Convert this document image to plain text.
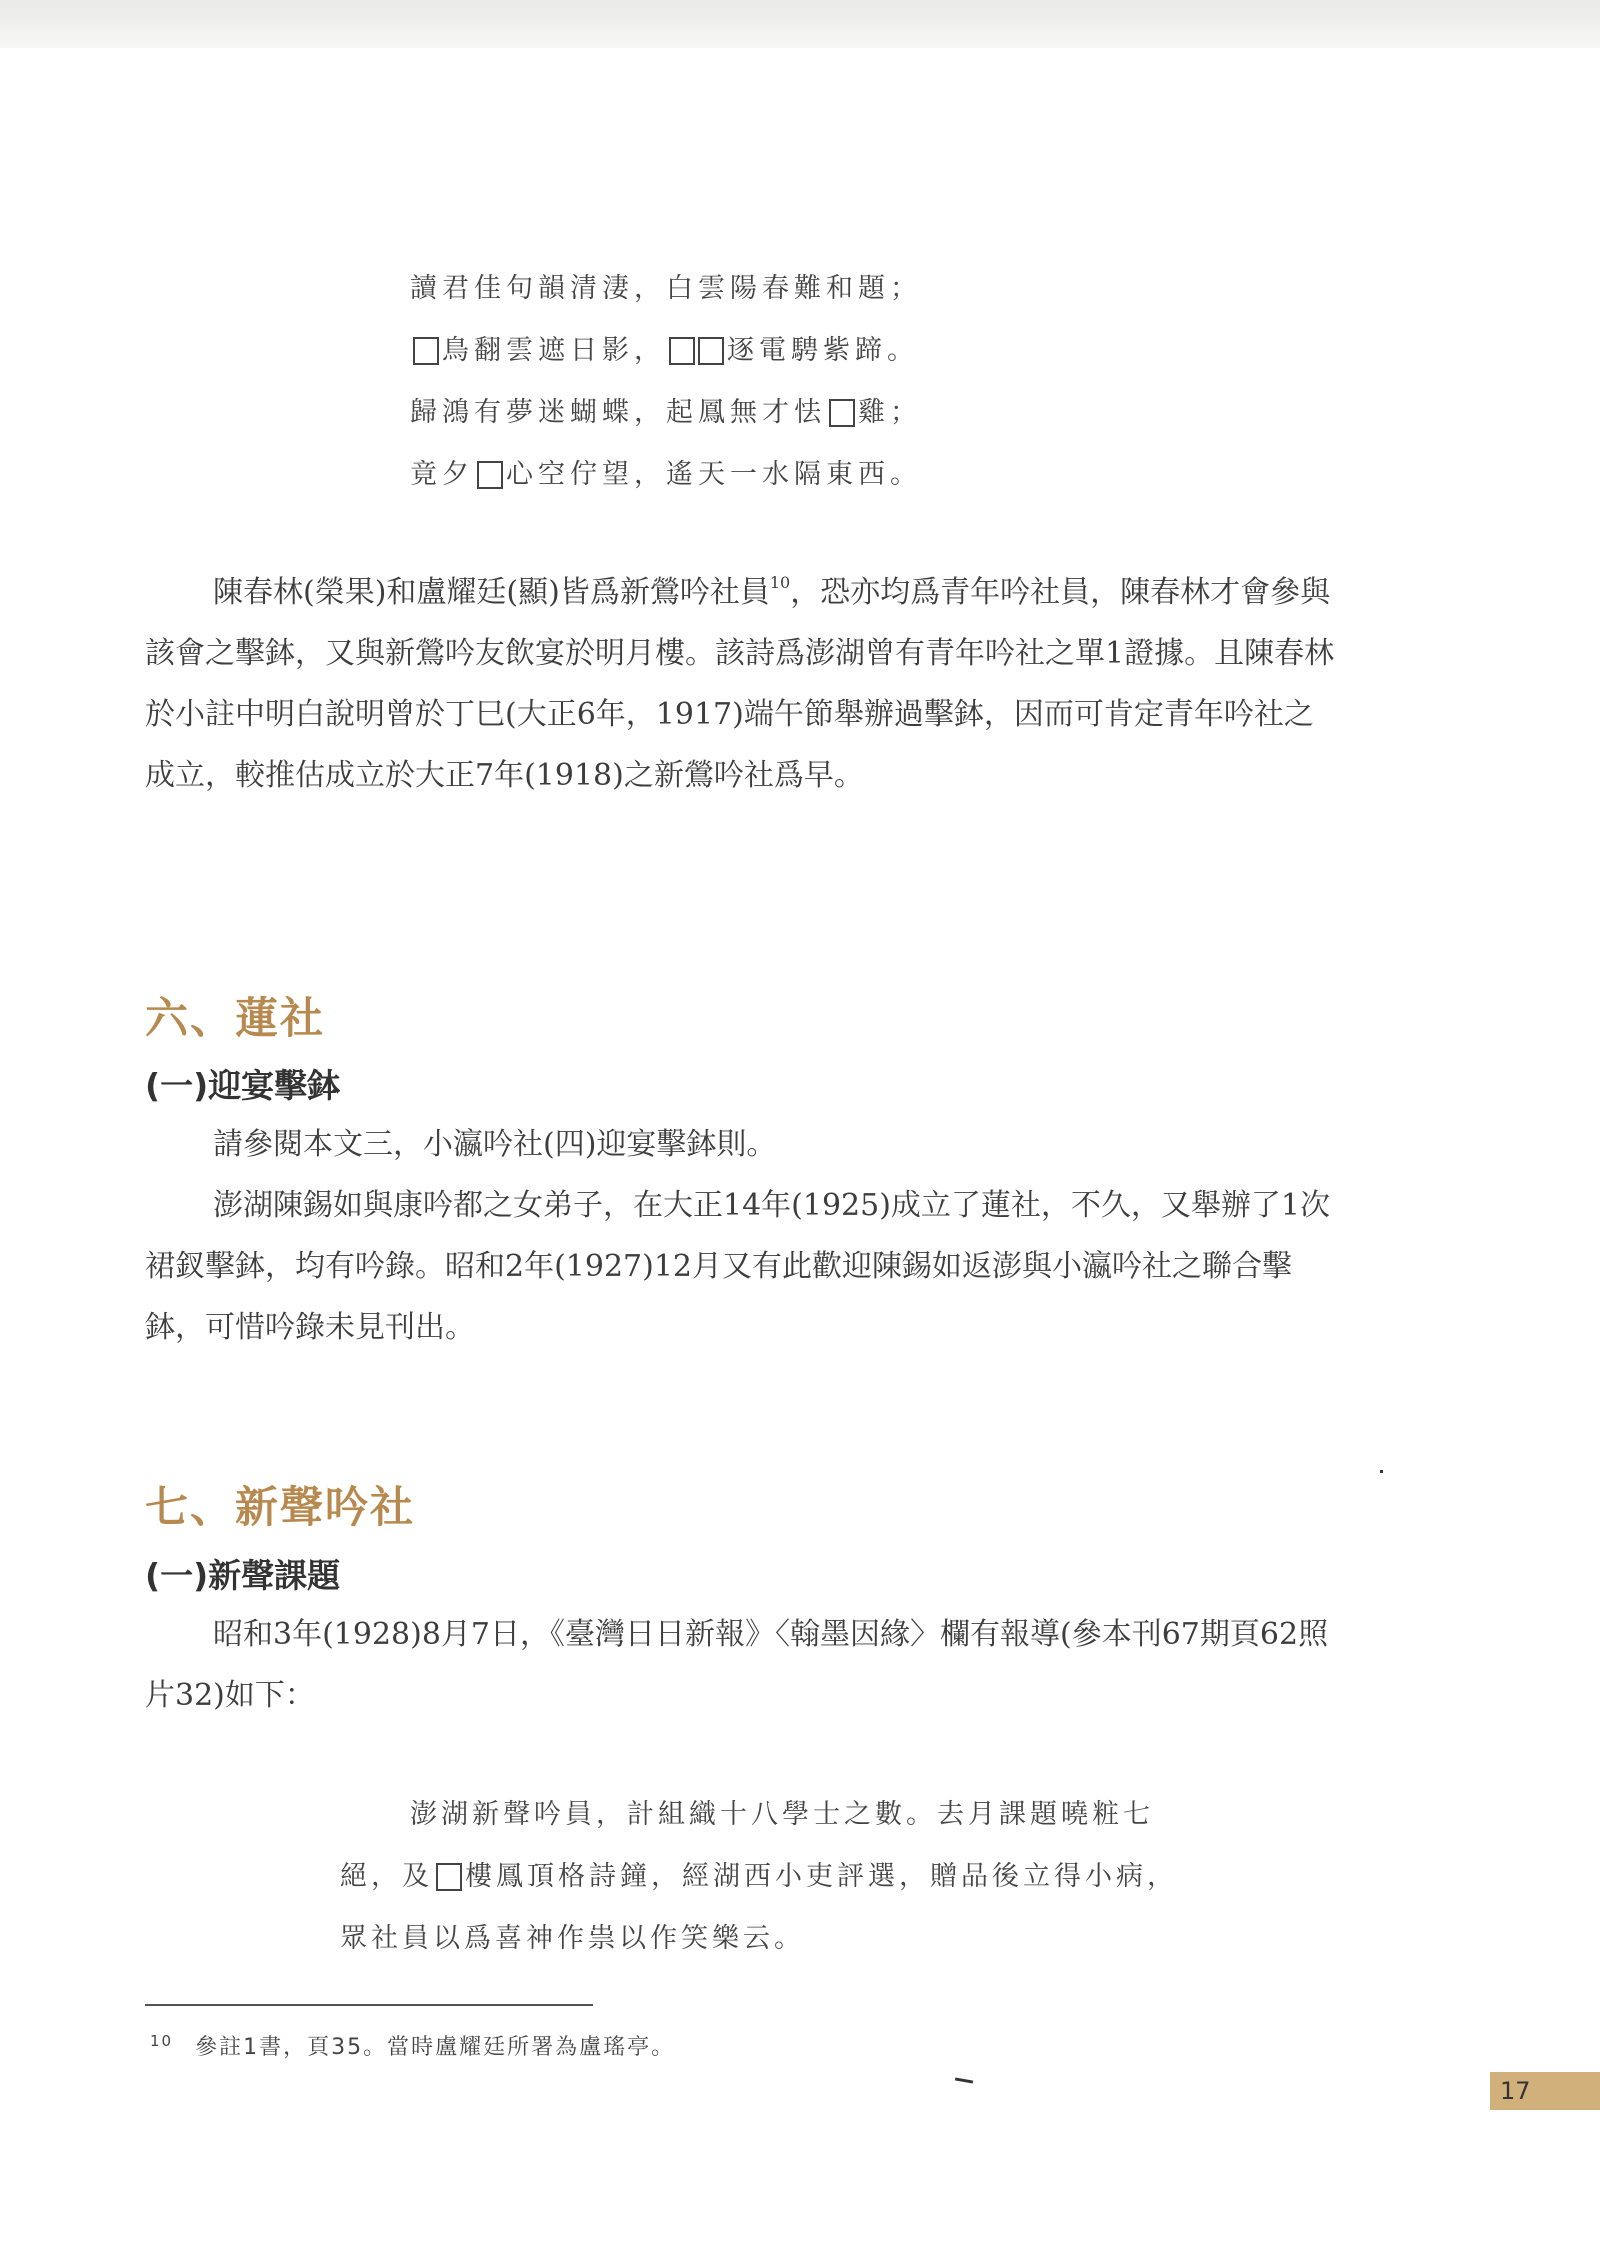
讀君佳句韻清淒，白雲陽春難和題；
鳥翻雲遮日影， 逐電騁紫蹄。
歸鴻有夢迷蝴蝶，起鳳無才怯 雞；
竟夕 心空佇望，遙天一水隔東西。
陳春林(榮果)和盧耀廷(顯)皆爲新鶯吟社員$^{10}$，恐亦均爲青年吟社員，陳春林才會參與該會之擊鉢，又與新鶯吟友飲宴於明月樓。該詩爲澎湖曾有青年吟社之單1證據。且陳春林於小註中明白說明曾於丁巳(大正6年，1917)端午節舉辦過擊鉢，因而可肯定青年吟社之成立，較推估成立於大正7年(1918)之新鶯吟社爲早。
六、蓮社
(一)迎宴擊鉢
請參閱本文三，小瀛吟社(四)迎宴擊鉢則。
澎湖陳錫如與康吟都之女弟子，在大正14年(1925)成立了蓮社，不久，又舉辦了1次裙釵擊鉢，均有吟錄。昭和2年(1927)12月又有此歡迎陳錫如返澎與小瀛吟社之聯合擊鉢，可惜吟錄未見刊出。
七、新聲吟社
(一)新聲課題
昭和3年(1928)8月7日，《臺灣日日新報》〈翰墨因緣〉欄有報導(參本刊67期頁62照片32)如下：
澎湖新聲吟員，計組織十八學士之數。去月課題曉粧七
絕，及 樓鳳頂格詩鐘，經湖西小吏評選，贈品後立得小病，
眾社員以爲喜神作祟以作笑樂云。
$^{10}$ 參註1書，頁35。當時盧耀廷所署為盧瑤亭。
17
